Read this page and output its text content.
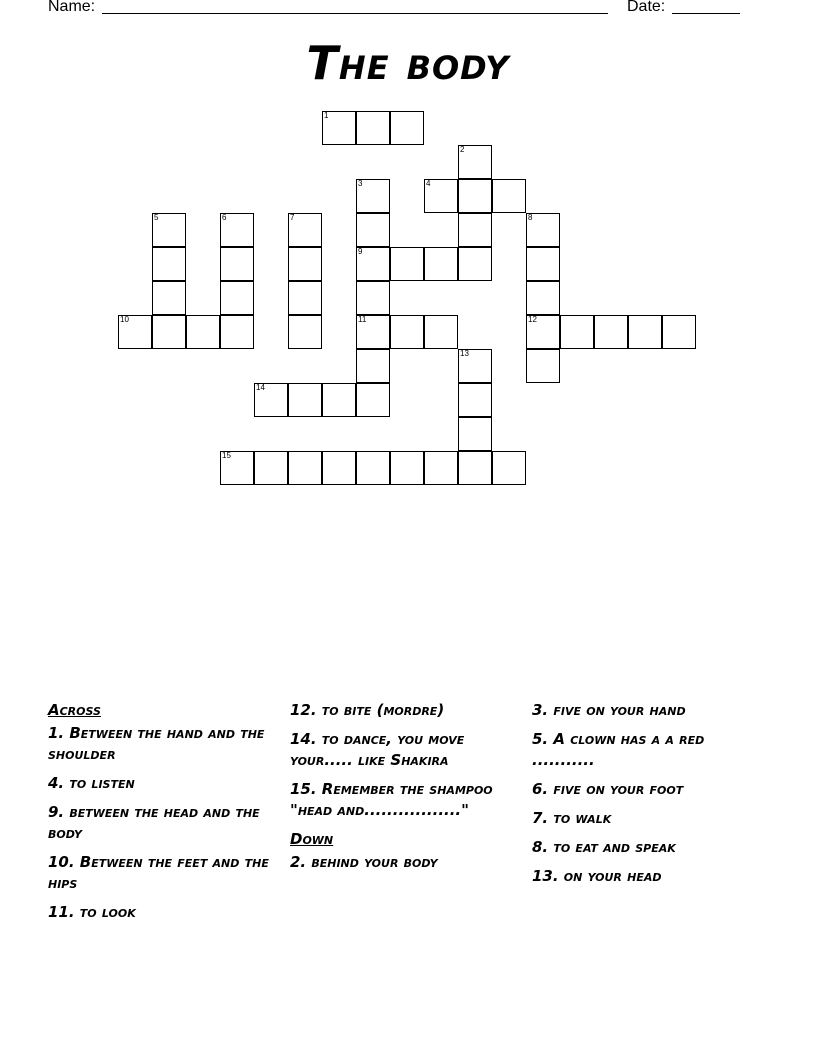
Name:	Date:
The body
1
2
3
9
11
4
5	6	7	8
12
10
13
14
15
Across
1. Between the hand and the shoulder
4. to listen
9. between the head and the body
10. Between the feet and the hips
11. to look
12. to bite (mordre)
14. to dance, you move your..... like Shakira
15. Remember the shampoo "head and................."
Down
2. behind your body
3. five on your hand
5. A clown has a a red ...........
6. five on your foot
7. to walk
8. to eat and speak
13. on your head
